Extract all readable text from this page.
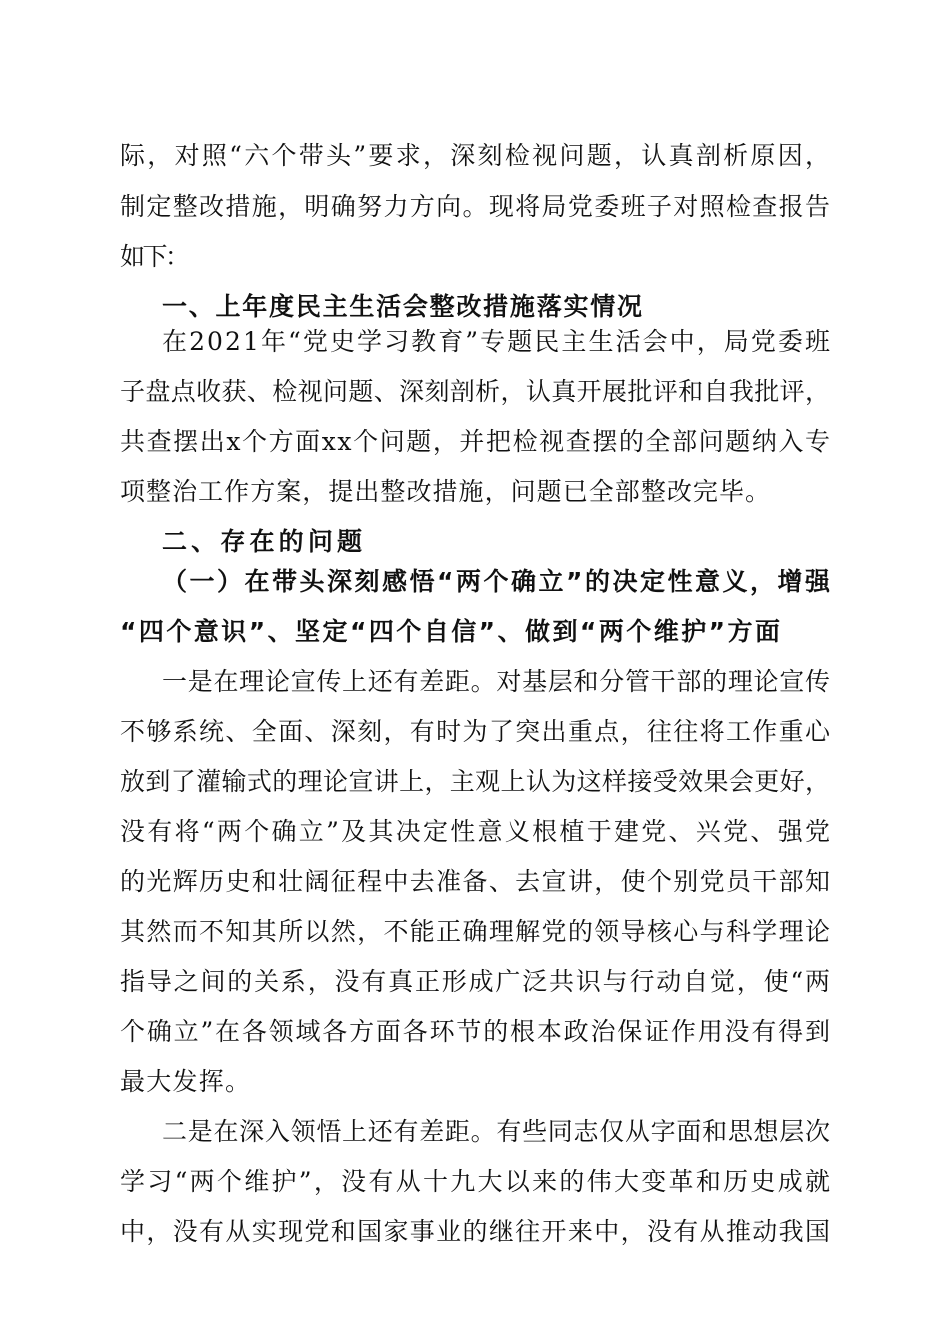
际，对照“六个带头”要求，深刻检视问题，认真剖析原因，
制定整改措施，明确努力方向。现将局党委班子对照检查报告
如下：
一、上年度民主生活会整改措施落实情况
在2021年“党史学习教育”专题民主生活会中，局党委班
子盘点收获、检视问题、深刻剖析，认真开展批评和自我批评，
共查摆出x个方面xx个问题，并把检视查摆的全部问题纳入专
项整治工作方案，提出整改措施，问题已全部整改完毕。
二、存在的问题
（一）在带头深刻感悟“两个确立”的决定性意义，增强
“四个意识”、坚定“四个自信”、做到“两个维护”方面
一是在理论宣传上还有差距。对基层和分管干部的理论宣传
不够系统、全面、深刻，有时为了突出重点，往往将工作重心
放到了灌输式的理论宣讲上，主观上认为这样接受效果会更好，
没有将“两个确立”及其决定性意义根植于建党、兴党、强党
的光辉历史和壮阔征程中去准备、去宣讲，使个别党员干部知
其然而不知其所以然，不能正确理解党的领导核心与科学理论
指导之间的关系，没有真正形成广泛共识与行动自觉，使“两
个确立”在各领域各方面各环节的根本政治保证作用没有得到
最大发挥。
二是在深入领悟上还有差距。有些同志仅从字面和思想层次
学习“两个维护”，没有从十九大以来的伟大变革和历史成就
中，没有从实现党和国家事业的继往开来中，没有从推动我国
